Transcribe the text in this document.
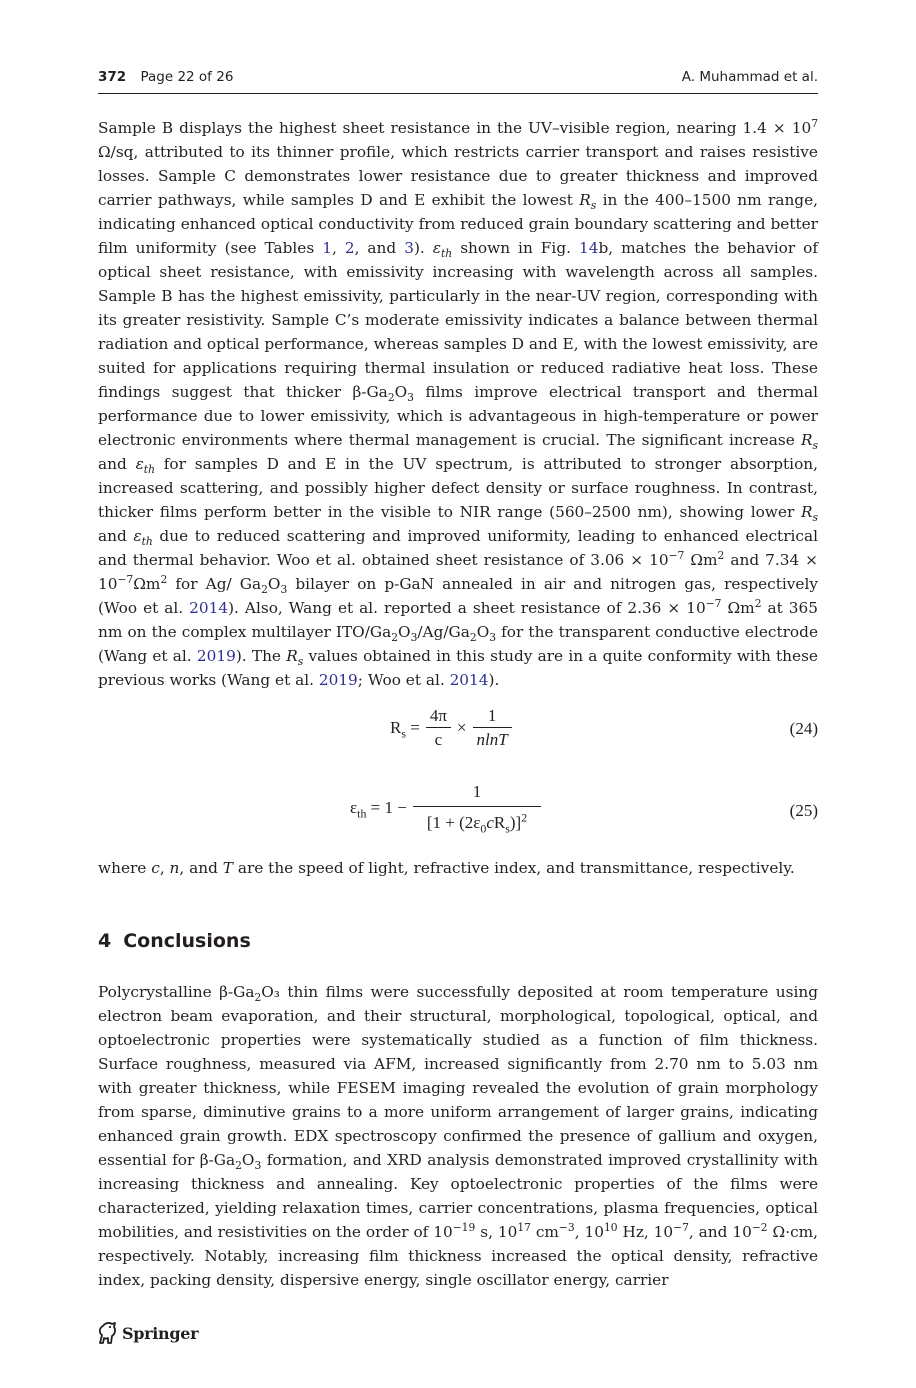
372 Page 22 of 26	A. Muhammad et al.

Sample B displays the highest sheet resistance in the UV–visible region, nearing $1.4 \times 10^7$ Ω/sq, attributed to its thinner profile, which restricts carrier transport and raises resistive losses. Sample C demonstrates lower resistance due to greater thickness and improved carrier pathways, while samples D and E exhibit the lowest $R_s$ in the 400–1500 nm range, indicating enhanced optical conductivity from reduced grain boundary scattering and better film uniformity (see Tables 1, 2, and 3). $\varepsilon_{th}$ shown in Fig. 14b, matches the behavior of optical sheet resistance, with emissivity increasing with wavelength across all samples. Sample B has the highest emissivity, particularly in the near-UV region, corresponding with its greater resistivity. Sample C’s moderate emissivity indicates a balance between thermal radiation and optical performance, whereas samples D and E, with the lowest emissivity, are suited for applications requiring thermal insulation or reduced radiative heat loss. These findings suggest that thicker $\beta-Ga_2O_3$ films improve electrical transport and thermal performance due to lower emissivity, which is advantageous in high-temperature or power electronic environments where thermal management is crucial. The significant increase $R_s$ and $\varepsilon_{th}$ for samples D and E in the UV spectrum, is attributed to stronger absorption, increased scattering, and possibly higher defect density or surface roughness. In contrast, thicker films perform better in the visible to NIR range (560–2500 nm), showing lower $R_s$ and $\varepsilon_{th}$ due to reduced scattering and improved uniformity, leading to enhanced electrical and thermal behavior. Woo et al. obtained sheet resistance of $3.06 \times 10^{-7}$ $\Omega m^2$ and $7.34 \times 10^{-7}\Omega m^2$ for Ag/ $Ga_2O_3$ bilayer on p-GaN annealed in air and nitrogen gas, respectively (Woo et al. 2014). Also, Wang et al. reported a sheet resistance of $2.36 \times 10^{-7}$ $\Omega m^2$ at 365 nm on the complex multilayer ITO/$Ga_2O_3/Ag/Ga_2O_3$ for the transparent conductive electrode (Wang et al. 2019). The $R_s$ values obtained in this study are in a quite conformity with these previous works (Wang et al. 2019; Woo et al. 2014).

$R_s = \frac{4\pi}{c} \times \frac{1}{nlnT}$	(24)
$\varepsilon_{th} = 1 - \frac{1}{[1 + (2\varepsilon_0cR_s)]^2}$	(25)

where c, n, and T are the speed of light, refractive index, and transmittance, respectively.

4 Conclusions

Polycrystalline $\beta-Ga_2O_3$ thin films were successfully deposited at room temperature using electron beam evaporation, and their structural, morphological, topological, optical, and optoelectronic properties were systematically studied as a function of film thickness. Surface roughness, measured via AFM, increased significantly from 2.70 nm to 5.03 nm with greater thickness, while FESEM imaging revealed the evolution of grain morphology from sparse, diminutive grains to a more uniform arrangement of larger grains, indicating enhanced grain growth. EDX spectroscopy confirmed the presence of gallium and oxygen, essential for $\beta-Ga_2O_3$ formation, and XRD analysis demonstrated improved crystallinity with increasing thickness and annealing. Key optoelectronic properties of the films were characterized, yielding relaxation times, carrier concentrations, plasma frequencies, optical mobilities, and resistivities on the order of $10^{-19}$ s, $10^{17}$ $cm^{-3}$, $10^{10}$ Hz, $10^{-7}$, and $10^{-2}$ Ω·cm, respectively. Notably, increasing film thickness increased the optical density, refractive index, packing density, dispersive energy, single oscillator energy, carrier

Springer
